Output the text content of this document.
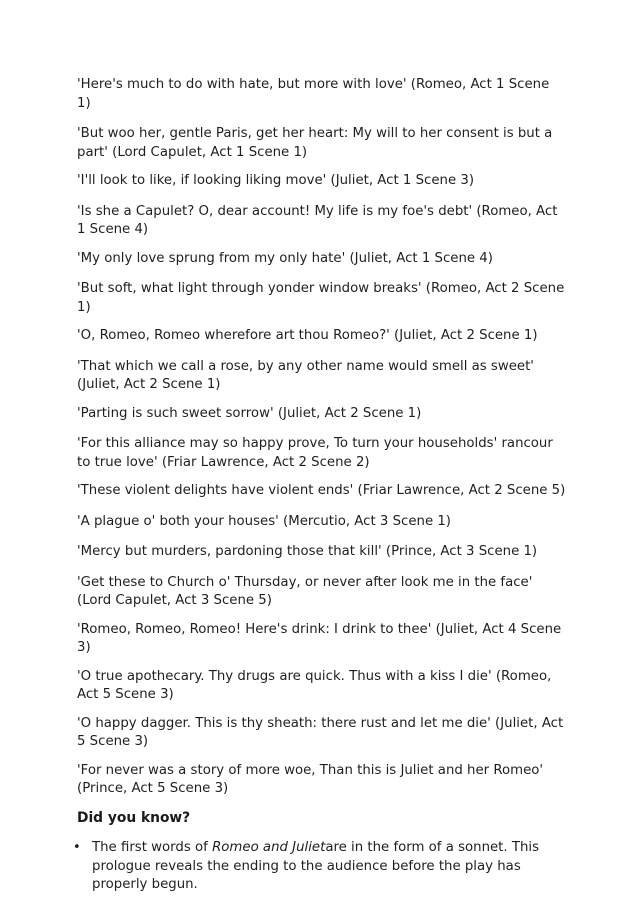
'Here's much to do with hate, but more with love' (Romeo, Act 1 Scene 1)

'But woo her, gentle Paris, get her heart: My will to her consent is but a part' (Lord Capulet, Act 1 Scene 1)

'I'll look to like, if looking liking move' (Juliet, Act 1 Scene 3)

'Is she a Capulet? O, dear account! My life is my foe's debt' (Romeo, Act 1 Scene 4)

'My only love sprung from my only hate' (Juliet, Act 1 Scene 4)

'But soft, what light through yonder window breaks' (Romeo, Act 2 Scene 1)

'O, Romeo, Romeo wherefore art thou Romeo?' (Juliet, Act 2 Scene 1)

'That which we call a rose, by any other name would smell as sweet' (Juliet, Act 2 Scene 1)

'Parting is such sweet sorrow' (Juliet, Act 2 Scene 1)

'For this alliance may so happy prove, To turn your households' rancour to true love' (Friar Lawrence, Act 2 Scene 2)

'These violent delights have violent ends' (Friar Lawrence, Act 2 Scene 5)

'A plague o' both your houses' (Mercutio, Act 3 Scene 1)

'Mercy but murders, pardoning those that kill' (Prince, Act 3 Scene 1)

'Get these to Church o' Thursday, or never after look me in the face' (Lord Capulet, Act 3 Scene 5)

'Romeo, Romeo, Romeo! Here's drink: I drink to thee' (Juliet, Act 4 Scene 3)

'O true apothecary. Thy drugs are quick. Thus with a kiss I die' (Romeo, Act 5 Scene 3)

'O happy dagger. This is thy sheath: there rust and let me die' (Juliet, Act 5 Scene 3)

'For never was a story of more woe, Than this is Juliet and her Romeo' (Prince, Act 5 Scene 3)

Did you know?
• The first words of Romeo and Julietare in the form of a sonnet. This prologue reveals the ending to the audience before the play has properly begun.
